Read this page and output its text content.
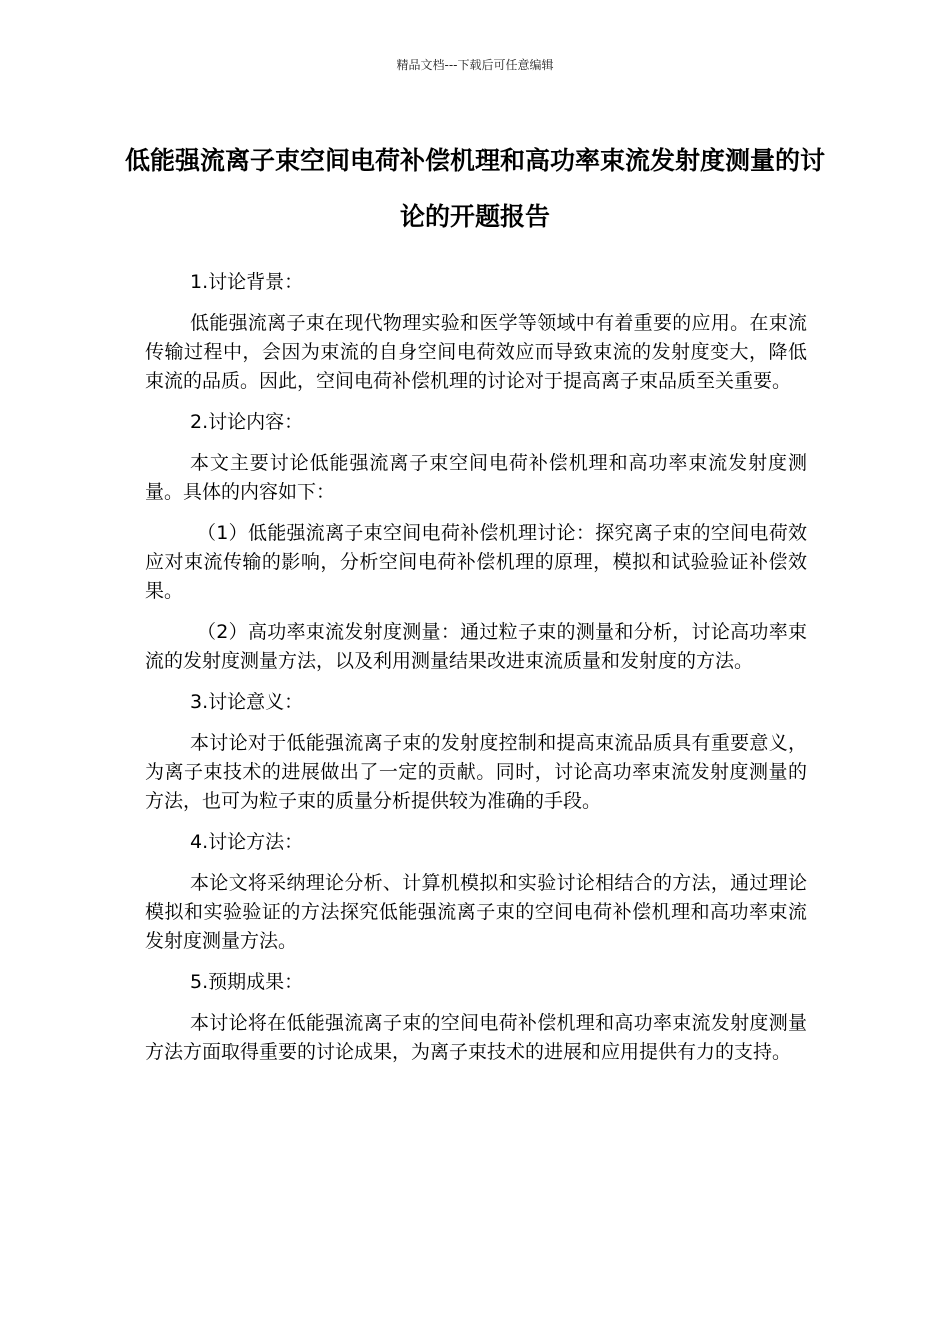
精品文档---下载后可任意编辑
低能强流离子束空间电荷补偿机理和高功率束流发射度测量的讨论的开题报告
1.讨论背景：
低能强流离子束在现代物理实验和医学等领域中有着重要的应用。在束流传输过程中，会因为束流的自身空间电荷效应而导致束流的发射度变大，降低束流的品质。因此，空间电荷补偿机理的讨论对于提高离子束品质至关重要。
2.讨论内容：
本文主要讨论低能强流离子束空间电荷补偿机理和高功率束流发射度测量。具体的内容如下：
（1）低能强流离子束空间电荷补偿机理讨论：探究离子束的空间电荷效应对束流传输的影响，分析空间电荷补偿机理的原理，模拟和试验验证补偿效果。
（2）高功率束流发射度测量：通过粒子束的测量和分析，讨论高功率束流的发射度测量方法，以及利用测量结果改进束流质量和发射度的方法。
3.讨论意义：
本讨论对于低能强流离子束的发射度控制和提高束流品质具有重要意义，为离子束技术的进展做出了一定的贡献。同时，讨论高功率束流发射度测量的方法，也可为粒子束的质量分析提供较为准确的手段。
4.讨论方法：
本论文将采纳理论分析、计算机模拟和实验讨论相结合的方法，通过理论模拟和实验验证的方法探究低能强流离子束的空间电荷补偿机理和高功率束流发射度测量方法。
5.预期成果：
本讨论将在低能强流离子束的空间电荷补偿机理和高功率束流发射度测量方法方面取得重要的讨论成果，为离子束技术的进展和应用提供有力的支持。
